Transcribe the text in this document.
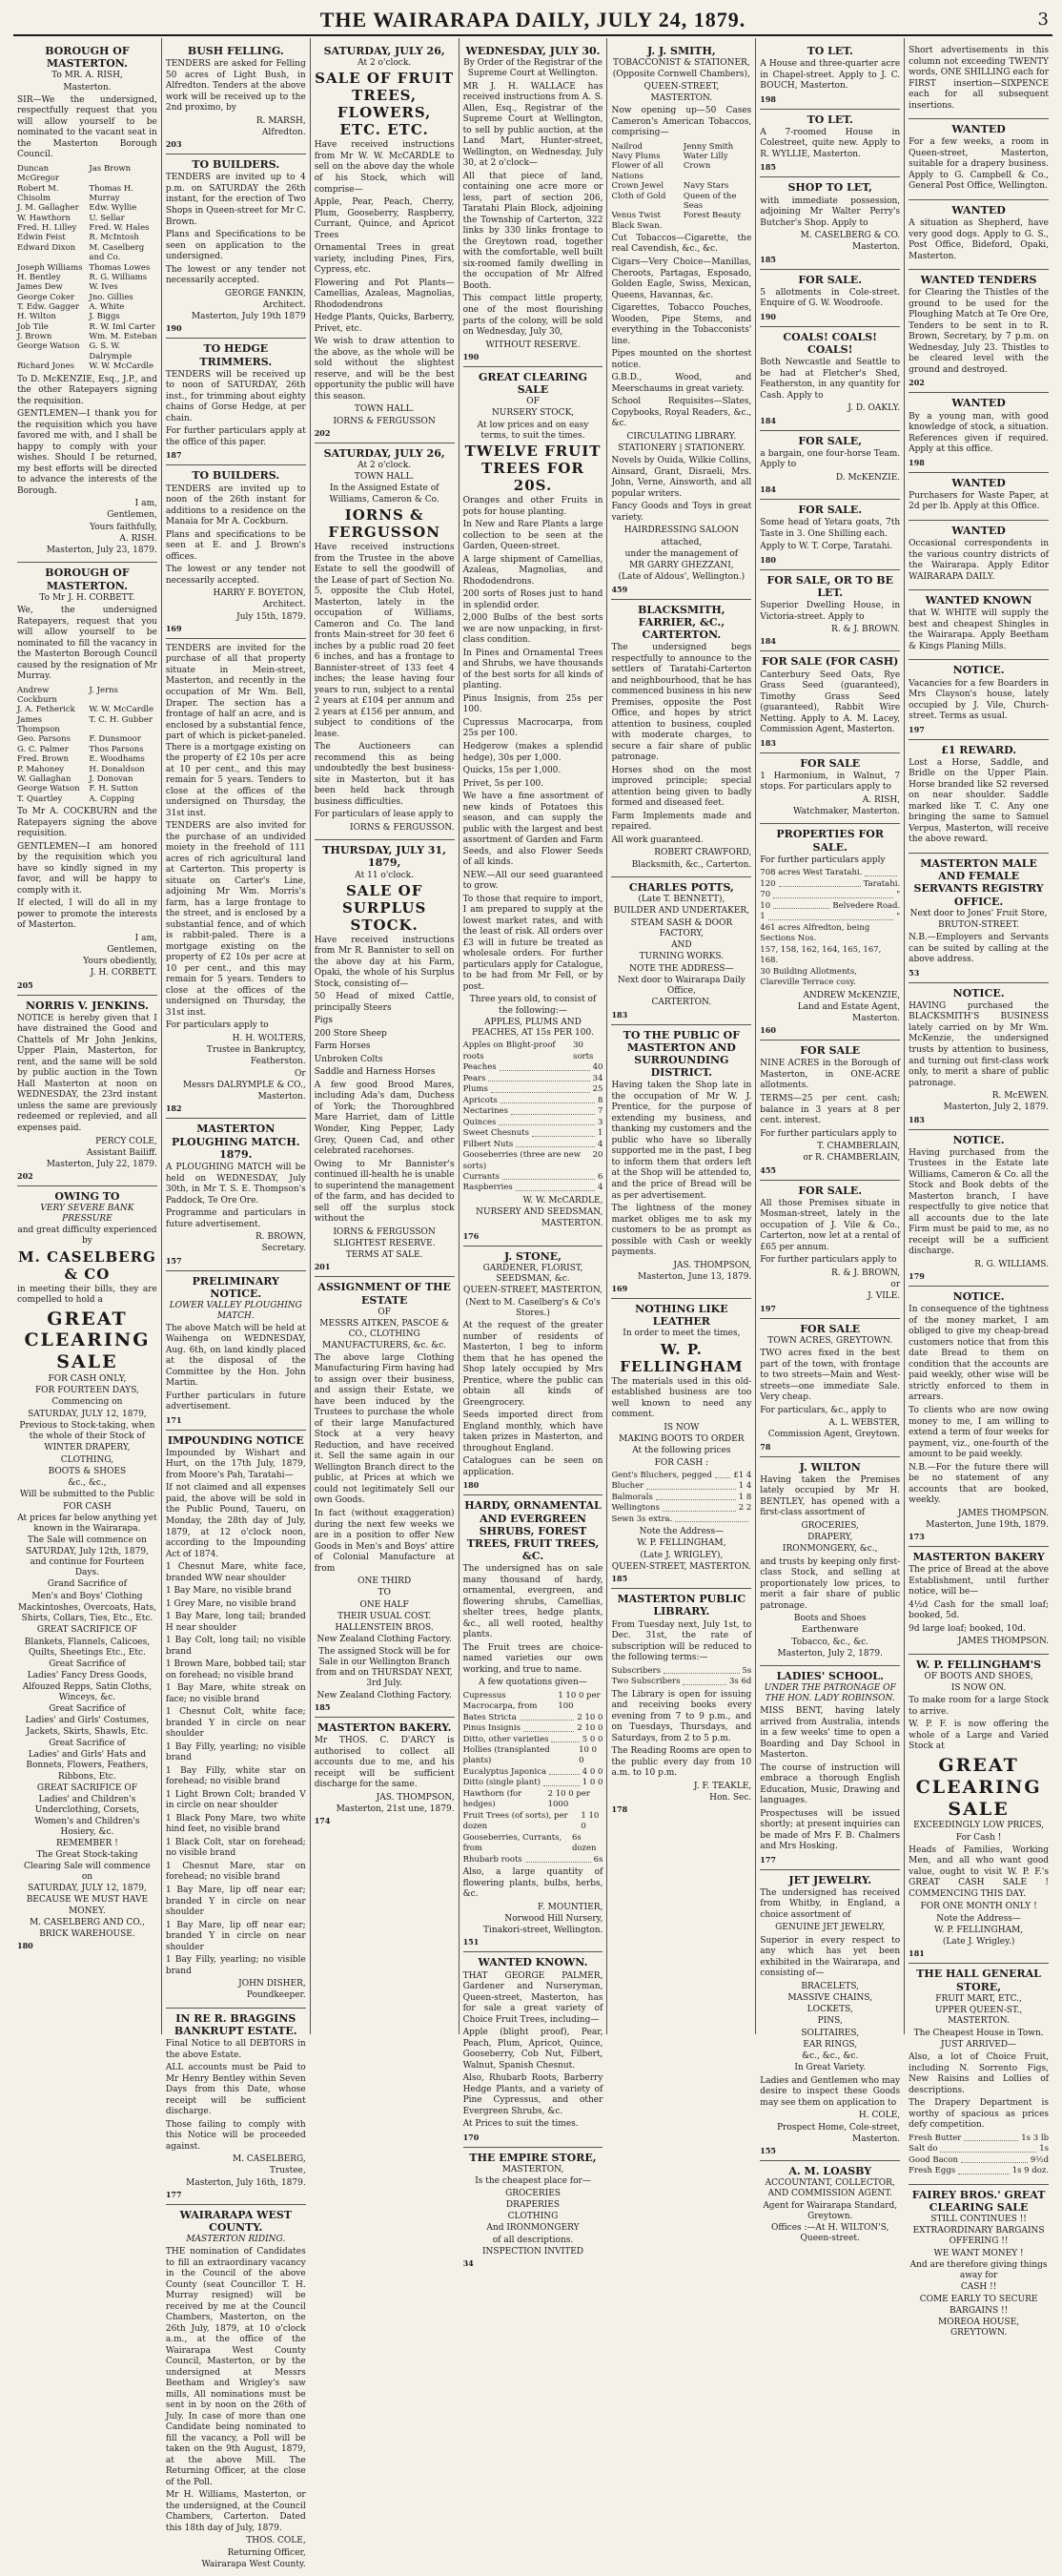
THE WAIRARAPA DAILY, JULY 24, 1879.	3
BOROUGH OF MASTERTON.
To MR. A. RISH,
Masterton.
SIR—We the undersigned, respectfully request that you will allow yourself to be nominated to the vacant seat in the Masterton Borough Council.
Duncan McGregor
Jas Brown
Robert M. Chisolm
Thomas H. Murray
J. M. Gallagher	Edw. Wyllie
W. Hawthorn	U. Sellar
Fred. H. Lilley	Fred. W. Hales
Edwin Feist	R. McIntosh
Edward Dixon	M. Caselberg and Co.
Joseph Williams Thomas Lowes
H. Bentley	R. G. Williams
James Dew	W. Ives
George Coker	Jno. Gillies
T. Edw. Gagger	A. White
H. Wilton	J. Biggs
Job Tile	R. W. Iml Carter
J. Brown	Wm. M. Esteban
George Watson	G. S. W. Dalrymple
Richard Jones	W. W. McCardle
To D. McKENZIE, Esq., J.P., and the other Ratepayers signing the requisition.
GENTLEMEN—I thank you for the requisition which you have favored me with, and I shall be happy to comply with your wishes. Should I be returned, my best efforts will be directed to advance the interests of the Borough.
I am,
Gentlemen,
Yours faithfully,
A. RISH.
Masterton, July 23, 1879.
BOROUGH OF MASTERTON.
To Mr J. H. CORBETT.
We, the undersigned Ratepayers, request that you will allow yourself to be nominated to fill the vacancy in the Masterton Borough Council caused by the resignation of Mr Murray.
Andrew Cockburn
J. Jerns
J. A. Fetherick	W. W. McCardle
James Thompson
T. C. H. Gubber
Geo. Parsons	F. Dunsmoor
G. C. Palmer	Thos Parsons
Fred. Brown	E. Woodhams
P. Mahoney	H. Donaldson
W. Gallaghan	J. Donovan
George Watson	F. H. Sutton
T. Quartley	A. Copping
To Mr A. COCKBURN and the Ratepayers signing the above requisition.
GENTLEMEN—I am honored by the requisition which you have so kindly signed in my favor, and will be happy to comply with it.
If elected, I will do all in my power to promote the interests of Masterton.
I am,
Gentlemen,
Yours obediently,
J. H. CORBETT.
205
NORRIS V. JENKINS.
NOTICE is hereby given that I have distrained the Good and Chattels of Mr John Jenkins, Upper Plain, Masterton, for rent, and the same will be sold by public auction in the Town Hall Masterton at noon on WEDNESDAY, the 23rd instant unless the same are previously redeemed or replevied, and all expenses paid.
PERCY COLE,
Assistant Bailiff.
Masterton, July 22, 1879.
202
OWING TO
VERY SEVERE BANK PRESSURE
and great difficulty experienced by
M. CASELBERG & CO
in meeting their bills, they are compelled to hold a
GREAT CLEARING SALE
FOR CASH ONLY,
FOR FOURTEEN DAYS,
Commencing on
SATURDAY, JULY 12, 1879,
Previous to Stock-taking, when the whole of their Stock of
WINTER DRAPERY,
CLOTHING,
BOOTS & SHOES
&c., &c.,
Will be submitted to the Public
FOR CASH
At prices far below anything yet known in the Wairarapa.
The Sale will commence on SATURDAY, July 12th, 1879, and continue for Fourteen Days.
Grand Sacrifice of
Men's and Boys' Clothing
Mackintoshes, Overcoats, Hats, Shirts, Collars, Ties, Etc., Etc.
GREAT SACRIFICE OF
Blankets, Flannels, Calicoes, Quilts, Sheetings Etc., Etc.
Great Sacrifice of
Ladies' Fancy Dress Goods, Alfouzed Repps, Satin Cloths, Winceys, &c.
Great Sacrifice of
Ladies' and Girls' Costumes, Jackets, Skirts, Shawls, Etc.
Great Sacrifice of
Ladies' and Girls' Hats and Bonnets, Flowers, Feathers, Ribbons, Etc.
GREAT SACRIFICE OF
Ladies' and Children's Underclothing, Corsets, Women's and Children's Hosiery, &c.
REMEMBER !
The Great Stock-taking Clearing Sale will commence on
SATURDAY, JULY 12, 1879,
BECAUSE WE MUST HAVE MONEY.
M. CASELBERG AND CO.,
BRICK WAREHOUSE.
180
BUSH FELLING.
TENDERS are asked for Felling 50 acres of Light Bush, in Alfredton. Tenders at the above work will be received up to the 2nd proximo, by
R. MARSH,
Alfredton.
203
TO BUILDERS.
TENDERS are invited up to 4 p.m. on SATURDAY the 26th instant, for the erection of Two Shops in Queen-street for Mr C. Brown.
Plans and Specifications to be seen on application to the undersigned.
The lowest or any tender not necessarily accepted.
GEORGE FANKIN,
Architect.
Masterton, July 19th 1879
190
TO HEDGE TRIMMERS.
TENDERS will be received up to noon of SATURDAY, 26th inst., for trimming about eighty chains of Gorse Hedge, at per chain.
For further particulars apply at the office of this paper.
187
TO BUILDERS.
TENDERS are invited up to noon of the 26th instant for additions to a residence on the Manaia for Mr A. Cockburn.
Plans and specifications to be seen at E. and J. Brown's offices.
The lowest or any tender not necessarily accepted.
HARRY F. BOYETON,
Architect.
July 15th, 1879.
169
TENDERS are invited for the purchase of all that property situate in Mein-street, Masterton, and recently in the occupation of Mr Wm. Bell, Draper. The section has a frontage of half an acre, and is enclosed by a substantial fence, part of which is picket-paneled. There is a mortgage existing on the property of £2 10s per acre at 10 per cent., and this may remain for 5 years. Tenders to close at the offices of the undersigned on Thursday, the 31st inst.
TENDERS are also invited for the purchase of an undivided moiety in the freehold of 111 acres of rich agricultural land at Carterton. This property is situate on Carter's Line, adjoining Mr Wm. Morris's farm, has a large frontage to the street, and is enclosed by a substantial fence, and of which is rabbit-paled. There is a mortgage existing on the property of £2 10s per acre at 10 per cent., and this may remain for 5 years. Tenders to close at the offices of the undersigned on Thursday, the 31st inst.
For particulars apply to
H. H. WOLTERS,
Trustee in Bankruptcy,
Featherston.
Or
Messrs DALRYMPLE & CO.,
Masterton.
182
MASTERTON PLOUGHING MATCH. 1879.
A PLOUGHING MATCH will be held on WEDNESDAY, July 30th, in Mr T. S. E. Thompson's Paddock, Te Ore Ore.
Programme and particulars in future advertisement.
R. BROWN,
Secretary.
157
PRELIMINARY NOTICE.
LOWER VALLEY PLOUGHING MATCH.
The above Match will be held at Waihenga on WEDNESDAY, Aug. 6th, on land kindly placed at the disposal of the Committee by the Hon. John Martin.
Further particulars in future advertisement.
171
IMPOUNDING NOTICE
Impounded by Wishart and Hurt, on the 17th July, 1879, from Moore's Pah, Taratahi—
If not claimed and all expenses paid, the above will be sold in the Public Pound, Taueru, on Monday, the 28th day of July, 1879, at 12 o'clock noon, according to the Impounding Act of 1874.
1 Chesnut Mare, white face, branded WW near shoulder
1 Bay Mare, no visible brand
1 Grey Mare, no visible brand
1 Bay Mare, long tail; branded H near shoulder
1 Bay Colt, long tail; no visible brand
1 Brown Mare, bobbed tail; star on forehead; no visible brand
1 Bay Mare, white streak on face; no visible brand
1 Chesnut Colt, white face; branded Y in circle on near shoulder
1 Bay Filly, yearling; no visible brand
1 Bay Filly, white star on forehead; no visible brand
1 Light Brown Colt; branded V in circle on near shoulder
1 Black Pony Mare, two white hind feet, no visible brand
1 Black Colt, star on forehead; no visible brand
1 Chesnut Mare, star on forehead; no visible brand
1 Bay Mare, lip off near ear; branded Y in circle on near shoulder
1 Bay Mare, lip off near ear; branded Y in circle on near shoulder
1 Bay Filly, yearling; no visible brand
JOHN DISHER,
Poundkeeper.
IN RE R. BRAGGINS BANKRUPT ESTATE.
Final Notice to all DEBTORS in the above Estate.
ALL accounts must be Paid to Mr Henry Bentley within Seven Days from this Date, whose receipt will be sufficient discharge.
Those failing to comply with this Notice will be proceeded against.
M. CASELBERG,
Trustee,
Masterton, July 16th, 1879.
177
WAIRARAPA WEST COUNTY.
MASTERTON RIDING.
THE nomination of Candidates to fill an extraordinary vacancy in the Council of the above County (seat Councillor T. H. Murray resigned) will be received by me at the Council Chambers, Masterton, on the 26th July, 1879, at 10 o'clock a.m., at the office of the Wairarapa West County Council, Masterton, or by the undersigned at Messrs Beetham and Wrigley's saw mills, All nominations must be sent in by noon on the 26th of July. In case of more than one Candidate being nominated to fill the vacancy, a Poll will be taken on the 9th August, 1879, at the above Mill. The Returning Officer, at the close of the Poll.
Mr H. Williams, Masterton, or the undersigned, at the Council Chambers, Carterton. Dated this 18th day of July, 1879.
THOS. COLE,
Returning Officer,
Wairarapa West County.
SATURDAY, JULY 26,
At 2 o'clock.
SALE OF FRUIT TREES, FLOWERS, ETC. ETC.
Have received instructions from Mr W. W. McCARDLE to sell on the above day the whole of his Stock, which will comprise—
Apple, Pear, Peach, Cherry, Plum, Gooseberry, Raspberry, Currant, Quince, and Apricot Trees
Ornamental Trees in great variety, including Pines, Firs, Cypress, etc.
Flowering and Pot Plants—Camellias, Azaleas, Magnolias, Rhododendrons
Hedge Plants, Quicks, Barberry, Privet, etc.
We wish to draw attention to the above, as the whole will be sold without the slightest reserve, and will be the best opportunity the public will have this season.
TOWN HALL.
IORNS & FERGUSSON
202
SATURDAY, JULY 26,
At 2 o'clock.
TOWN HALL.
In the Assigned Estate of Williams, Cameron & Co.
IORNS & FERGUSSON
Have received instructions from the Trustee in the above Estate to sell the goodwill of the Lease of part of Section No. 5, opposite the Club Hotel, Masterton, lately in the occupation of Williams, Cameron and Co. The land fronts Main-street for 30 feet 6 inches by a public road 20 feet 6 inches, and has a frontage to Bannister-street of 133 feet 4 inches; the lease having four years to run, subject to a rental 2 years at £104 per annum and 2 years at £156 per annum, and subject to conditions of the lease.
The Auctioneers can recommend this as being undoubtedly the best business-site in Masterton, but it has been held back through business difficulties.
For particulars of lease apply to
IORNS & FERGUSSON.
THURSDAY, JULY 31, 1879,
At 11 o'clock.
SALE OF SURPLUS STOCK.
Have received instructions from Mr R. Bannister to sell on the above day at his Farm, Opaki, the whole of his Surplus Stock, consisting of—
50 Head of mixed Cattle, principally Steers
Pigs
200 Store Sheep
Farm Horses
Unbroken Colts
Saddle and Harness Horses
A few good Brood Mares, including Ada's dam, Duchess of York; the Thoroughbred Mare Harriet, dam of Little Wonder, King Pepper, Lady Grey, Queen Cad, and other celebrated racehorses.
Owing to Mr Bannister's continued ill-health he is unable to superintend the management of the farm, and has decided to sell off the surplus stock without the
IORNS & FERGUSSON
SLIGHTEST RESERVE.
TERMS AT SALE.
201
ASSIGNMENT OF THE ESTATE
OF
MESSRS AITKEN, PASCOE & CO., CLOTHING MANUFACTURERS, &c. &c.
The above large Clothing Manufacturing Firm having had to assign over their business, and assign their Estate, we have been induced by the Trustees to purchase the whole of their large Manufactured Stock at a very heavy Reduction, and have received it. Sell the same again in our Wellington Branch direct to the public, at Prices at which we could not legitimately Sell our own Goods.
In fact (without exaggeration) during the next few weeks we are in a position to offer New Goods in Men's and Boys' attire of Colonial Manufacture at from
ONE THIRD
TO
ONE HALF
THEIR USUAL COST.
HALLENSTEIN BROS.
New Zealand Clothing Factory.
The assigned Stock will be for Sale in our Wellington Branch from and on THURSDAY NEXT, 3rd July.
New Zealand Clothing Factory.
185
MASTERTON BAKERY.
Mr THOS. C. D'ARCY is authorised to collect all accounts due to me, and his receipt will be sufficient discharge for the same.
JAS. THOMPSON,
Masterton, 21st une, 1879.
174
WEDNESDAY, JULY 30.
By Order of the Registrar of the Supreme Court at Wellington.
MR J. H. WALLACE has received instructions from A. S. Allen, Esq., Registrar of the Supreme Court at Wellington, to sell by public auction, at the Land Mart, Hunter-street, Wellington, on Wednesday, July 30, at 2 o'clock—
All that piece of land, containing one acre more or less, part of section 206, Taratahi Plain Block, adjoining the Township of Carterton, 322 links by 330 links frontage to the Greytown road, together with the comfortable, well built six-roomed family dwelling in the occupation of Mr Alfred Booth.
This compact little property, one of the most flourishing parts of the colony, will be sold on Wednesday, July 30,
WITHOUT RESERVE.
190
GREAT CLEARING SALE
OF
NURSERY STOCK,
At low prices and on easy terms, to suit the times.
TWELVE FRUIT TREES FOR 20S.
Oranges and other Fruits in pots for house planting.
In New and Rare Plants a large collection to be seen at the Garden, Queen-street.
A large shipment of Camellias, Azaleas, Magnolias, and Rhododendrons.
200 sorts of Roses just to hand in splendid order.
2,000 Bulbs of the best sorts we are now unpacking, in first-class condition.
In Pines and Ornamental Trees and Shrubs, we have thousands of the best sorts for all kinds of planting.
Pinus Insignis, from 25s per 100.
Cupressus Macrocarpa, from 25s per 100.
Hedgerow (makes a splendid hedge), 30s per 1,000.
Quicks, 15s per 1,000.
Privet, 5s per 100.
We have a fine assortment of new kinds of Potatoes this season, and can supply the public with the largest and best assortment of Garden and Farm Seeds, and also Flower Seeds of all kinds.
NEW.—All our seed guaranteed to grow.
To those that require to import, I am prepared to supply at the lowest market rates, and with the least of risk. All orders over £3 will in future be treated as wholesale orders. For further particulars apply for Catalogue, to be had from Mr Fell, or by post.
Three years old, to consist of the following:—
APPLES, PLUMS AND PEACHES, AT 15s PER 100.
Apples on Blight-proof roots
30 sorts
Peaches	40
Pears	34
Plums	25
Apricots	8
Nectarines	7
Quinces	3
Sweet Chesnuts	1
Filbert Nuts	4
Gooseberries (three are new sorts)
20
Currants	6
Raspberries	4
W. W. McCARDLE,
NURSERY AND SEEDSMAN,
MASTERTON.
176
J. STONE,
GARDENER, FLORIST, SEEDSMAN, &c.
QUEEN-STREET, MASTERTON,
(Next to M. Caselberg's & Co's Stores.)
At the request of the greater number of residents of Masterton, I beg to inform them that he has opened the Shop lately occupied by Mrs Prentice, where the public can obtain all kinds of Greengrocery.
Seeds imported direct from England monthly, which have taken prizes in Masterton, and throughout England.
Catalogues can be seen on application.
180
HARDY, ORNAMENTAL AND EVERGREEN SHRUBS, FOREST TREES, FRUIT TREES, &C.
The undersigned has on sale many thousand of hardy, ornamental, evergreen, and flowering shrubs, Camellias, shelter trees, hedge plants, &c., all well rooted, healthy plants.
The Fruit trees are choice-named varieties our own working, and true to name.
A few quotations given—
Cupressus Macrocarpa, from
1 10 0 per 100
Bates Stricta	2 10 0
Pinus Insignis	2 10 0
Ditto, other varieties	5 0 0
Hollies (transplanted plants)
10 0 0
Eucalyptus Japonica	4 0 0
Ditto (single plant)	1 0 0
Hawthorn (for hedges)
2 10 0 per 1000
Fruit Trees (of sorts), per dozen
1 10 0
Gooseberries, Currants, from
6s dozen
Rhubarb roots	6s
Also, a large quantity of flowering plants, bulbs, herbs, &c.
F. MOUNTIER,
Norwood Hill Nursery,
Tinakori-street, Wellington.
151
WANTED KNOWN.
THAT GEORGE PALMER, Gardener and Nurseryman, Queen-street, Masterton, has for sale a great variety of Choice Fruit Trees, including—
Apple (blight proof), Pear, Peach, Plum, Apricot, Quince, Gooseberry, Cob Nut, Filbert, Walnut, Spanish Chesnut.
Also, Rhubarb Roots, Barberry Hedge Plants, and a variety of Pine Cypressus, and other Evergreen Shrubs, &c.
At Prices to suit the times.
170
THE EMPIRE STORE,
MASTERTON,
Is the cheapest place for—
GROCERIES
DRAPERIES
CLOTHING
And IRONMONGERY
of all descriptions.
INSPECTION INVITED
34
J. J. SMITH,
TOBACCONIST & STATIONER,
(Opposite Cornwell Chambers),
QUEEN-STREET,
MASTERTON.
Now opening up—50 Cases Cameron's American Tobaccos, comprising—
Nailrod	Jenny Smith
Navy Plums	Water Lilly
Flower of all Nations
Crown
Crown Jewel	Navy Stars
Cloth of Gold	Queen of the Seas
Venus Twist	Forest Beauty
Black Swan.
Cut Tobaccos—Cigarette, the real Cavendish, &c., &c.
Cigars—Very Choice—Manillas, Cheroots, Partagas, Esposado, Golden Eagle, Swiss, Mexican, Queens, Havannas, &c.
Cigarettes, Tobacco Pouches, Wooden, Pipe Stems, and everything in the Tobacconists' line.
Pipes mounted on the shortest notice.
G.B.D., Wood, and Meerschaums in great variety.
School Requisites—Slates, Copybooks, Royal Readers, &c., &c.
CIRCULATING LIBRARY.
STATIONERY | STATIONERY.
Novels by Ouida, Wilkie Collins, Ainsard, Grant, Disraeli, Mrs. John, Verne, Ainsworth, and all popular writers.
Fancy Goods and Toys in great variety.
HAIRDRESSING SALOON
attached,
under the management of
MR GARRY GHEZZANI,
(Late of Aldous', Wellington.)
459
BLACKSMITH, FARRIER, &C., CARTERTON.
The undersigned begs respectfully to announce to the settlers of Taratahi-Carterton and neighbourhood, that he has commenced business in his new Premises, opposite the Post Office, and hopes by strict attention to business, coupled with moderate charges, to secure a fair share of public patronage.
Horses shod on the most improved principle; special attention being given to badly formed and diseased feet.
Farm Implements made and repaired.
All work guaranteed.
ROBERT CRAWFORD,
Blacksmith, &c., Carterton.
CHARLES POTTS,
(Late T. BENNETT),
BUILDER AND UNDERTAKER,
STEAM SASH & DOOR FACTORY,
AND
TURNING WORKS.
NOTE THE ADDRESS—
Next door to Wairarapa Daily Office,
CARTERTON.
183
TO THE PUBLIC OF MASTERTON AND SURROUNDING DISTRICT.
Having taken the Shop late in the occupation of Mr W. J. Prentice, for the purpose of extending my business, and thanking my customers and the public who have so liberally supported me in the past, I beg to inform them that orders left at the Shop will be attended to, and the price of Bread will be as per advertisement.
The lightness of the money market obliges me to ask my customers to be as prompt as possible with Cash or weekly payments.
JAS. THOMPSON,
Masterton, June 13, 1879.
169
NOTHING LIKE LEATHER
In order to meet the times,
W. P. FELLINGHAM
The materials used in this old-established business are too well known to need any comment.
IS NOW
MAKING BOOTS TO ORDER
At the following prices
FOR CASH :
Gent's Bluchers, pegged	£1 4
Blucher	1 4
Balmorals	1 8
Wellingtons	2 2
Sewn 3s extra.
Note the Address—
W. P. FELLINGHAM,
(Late J. WRIGLEY),
QUEEN-STREET, MASTERTON.
185
MASTERTON PUBLIC LIBRARY.
From Tuesday next, July 1st, to Dec. 31st, the rate of subscription will be reduced to the following terms:—
Subscribers	5s
Two Subscribers	3s 6d
The Library is open for issuing and receiving books every evening from 7 to 9 p.m., and on Tuesdays, Thursdays, and Saturdays, from 2 to 5 p.m.
The Reading Rooms are open to the public every day from 10 a.m. to 10 p.m.
J. F. TEAKLE,
Hon. Sec.
178
TO LET.
A House and three-quarter acre in Chapel-street. Apply to J. C. BOUCH, Masterton.
198
TO LET.
A 7-roomed House in Colestreet, quite new. Apply to R. WYLLIE, Masterton.
185
SHOP TO LET,
with immediate possession, adjoining Mr Walter Perry's Butcher's Shop. Apply to
M. CASELBERG & CO.
Masterton.
185
FOR SALE.
5 allotments in Cole-street. Enquire of G. W. Woodroofe.
190
COALS! COALS! COALS!
Both Newcastle and Seattle to be had at Fletcher's Shed, Featherston, in any quantity for Cash. Apply to
J. D. OAKLY.
184
FOR SALE,
a bargain, one four-horse Team. Apply to
D. McKENZIE.
184
FOR SALE.
Some head of Yetara goats, 7th Taste in 3. One Shilling each.
Apply to W. T. Corpe, Taratahi.
180
FOR SALE, OR TO BE LET.
Superior Dwelling House, in Victoria-street. Apply to
R. & J. BROWN.
184
FOR SALE (FOR CASH)
Canterbury Seed Oats, Rye Grass Seed (guaranteed), Timothy Grass Seed (guaranteed), Rabbit Wire Netting. Apply to A. M. Lacey, Commission Agent, Masterton.
183
FOR SALE
1 Harmonium, in Walnut, 7 stops. For particulars apply to
A. RISH,
Watchmaker, Masterton.
PROPERTIES FOR SALE.
For further particulars apply
708 acres West Taratahi.
120	Taratahi.
70	"
10	Belvedere Road.
1	"
461 acres Alfredton, being Sections Nos.
157, 158, 162, 164, 165, 167, 168.
30 Building Allotments, Clareville Terrace cosy.
ANDREW McKENZIE,
Land and Estate Agent,
Masterton.
160
FOR SALE
NINE ACRES in the Borough of Masterton, in ONE-ACRE allotments.
TERMS—25 per cent. cash; balance in 3 years at 8 per cent. interest.
For further particulars apply to
T. CHAMBERLAIN,
or R. CHAMBERLAIN,
455
FOR SALE.
All those Premises situate in Mosman-street, lately in the occupation of J. Vile & Co., Carterton, now let at a rental of £65 per annum.
For further particulars apply to
R. & J. BROWN,
or
J. VILE.
197
FOR SALE
TOWN ACRES, GREYTOWN.
TWO acres fixed in the best part of the town, with frontage to two streets—Main and West-streets—one immediate Sale. Very cheap.
For particulars, &c., apply to
A. L. WEBSTER,
Commission Agent, Greytown.
78
J. WILTON
Having taken the Premises lately occupied by Mr H. BENTLEY, has opened with a first-class assortment of
GROCERIES,
DRAPERY,
IRONMONGERY, &c.,
and trusts by keeping only first-class Stock, and selling at proportionately low prices, to merit a fair share of public patronage.
Boots and Shoes
Earthenware
Tobacco, &c., &c.
Masterton, July 2, 1879.
LADIES' SCHOOL.
UNDER THE PATRONAGE OF THE HON. LADY ROBINSON.
MISS BENT, having lately arrived from Australia, intends in a few weeks' time to open a Boarding and Day School in Masterton.
The course of instruction will embrace a thorough English Education, Music, Drawing and languages.
Prospectuses will be issued shortly; at present inquiries can be made of Mrs F. B. Chalmers and Mrs Hosking.
177
JET JEWELRY.
The undersigned has received from Whitby, in England, a choice assortment of
GENUINE JET JEWELRY,
Superior in every respect to any which has yet been exhibited in the Wairarapa, and consisting of—
BRACELETS,
MASSIVE CHAINS,
LOCKETS,
PINS,
SOLITAIRES,
EAR RINGS,
&c., &c., &c.
In Great Variety.
Ladies and Gentlemen who may desire to inspect these Goods may see them on application to
H. COLE,
Prospect Home, Cole-street,
Masterton.
155
A. M. LOASBY
ACCOUNTANT, COLLECTOR, AND COMMISSION AGENT.
Agent for Wairarapa Standard, Greytown.
Offices :—At H. WILTON'S, Queen-street.
Short advertisements in this column not exceeding TWENTY words, ONE SHILLING each for FIRST insertion—SIXPENCE each for all subsequent insertions.
WANTED
For a few weeks, a room in Queen-street, Masterton, suitable for a drapery business. Apply to G. Campbell & Co., General Post Office, Wellington.
WANTED
A situation as Shepherd, have very good dogs. Apply to G. S., Post Office, Bideford, Opaki, Masterton.
WANTED TENDERS
for Clearing the Thistles of the ground to be used for the Ploughing Match at Te Ore Ore, Tenders to be sent in to R. Brown, Secretary, by 7 p.m. on Wednesday, July 23. Thistles to be cleared level with the ground and destroyed.
202
WANTED
By a young man, with good knowledge of stock, a situation. References given if required. Apply at this office.
198
WANTED
Purchasers for Waste Paper, at 2d per lb. Apply at this Office.
WANTED
Occasional correspondents in the various country districts of the Wairarapa. Apply Editor WAIRARAPA DAILY.
WANTED KNOWN
that W. WHITE will supply the best and cheapest Shingles in the Wairarapa. Apply Beetham & Kings Planing Mills.
NOTICE.
Vacancies for a few Boarders in Mrs Clayson's house, lately occupied by J. Vile, Church-street. Terms as usual.
197
£1 REWARD.
Lost a Horse, Saddle, and Bridle on the Upper Plain. Horse branded like S2 reversed on near shoulder. Saddle marked like T. C. Any one bringing the same to Samuel Verpus, Masterton, will receive the above reward.
MASTERTON MALE AND FEMALE SERVANTS REGISTRY OFFICE.
Next door to Jones' Fruit Store,
BRUTON-STREET.
N.B.—Employers and Servants can be suited by calling at the above address.
53
NOTICE.
HAVING purchased the BLACKSMITH'S BUSINESS lately carried on by Mr Wm. McKenzie, the undersigned trusts by attention to business, and turning out first-class work only, to merit a share of public patronage.
R. McEWEN.
Masterton, July 2, 1879.
183
NOTICE.
Having purchased from the Trustees in the Estate late Williams, Cameron & Co. all the Stock and Book debts of the Masterton branch, I have respectfully to give notice that all accounts due to the late Firm must be paid to me, as no receipt will be a sufficient discharge.
R. G. WILLIAMS.
179
NOTICE.
In consequence of the tightness of the money market, I am obliged to give my cheap-bread customers notice that from this date Bread to them on condition that the accounts are paid weekly, other wise will be strictly enforced to them in arrears.
To clients who are now owing money to me, I am willing to extend a term of four weeks for payment, viz., one-fourth of the amount to be paid weekly.
N.B.—For the future there will be no statement of any accounts that are booked, weekly.
JAMES THOMPSON.
Masterton, June 19th, 1879.
173
MASTERTON BAKERY
The price of Bread at the above Establishment, until further notice, will be—
4½d Cash for the small loaf; booked, 5d.
9d large loaf; booked, 10d.
JAMES THOMPSON.
W. P. FELLINGHAM'S
OF BOOTS AND SHOES,
IS NOW ON.
To make room for a large Stock to arrive.
W. P. F. is now offering the whole of a Large and Varied Stock at
GREAT CLEARING SALE
EXCEEDINGLY LOW PRICES,
For Cash !
Heads of Families, Working Men, and all who want good value, ought to visit W. P. F.'s GREAT CASH SALE ! COMMENCING THIS DAY.
FOR ONE MONTH ONLY !
Note the Address—
W. P. FELLINGHAM,
(Late J. Wrigley.)
181
THE HALL GENERAL STORE,
FRUIT MART, ETC.,
UPPER QUEEN-ST., MASTERTON.
The Cheapest House in Town.
JUST ARRIVED—
Also, a lot of Choice Fruit, including N. Sorrento Figs, New Raisins and Lollies of descriptions.
The Drapery Department is worthy of spacious as prices defy competition.
Fresh Butter	1s 3 lb
Salt do	1s
Good Bacon	9½d
Fresh Eggs	1s 9 doz.
FAIREY BROS.' GREAT CLEARING SALE
STILL CONTINUES !!
EXTRAORDINARY BARGAINS OFFERING !!
WE WANT MONEY !
And are therefore giving things away for
CASH !!
COME EARLY TO SECURE
BARGAINS !!
MOREOA HOUSE, GREYTOWN.
